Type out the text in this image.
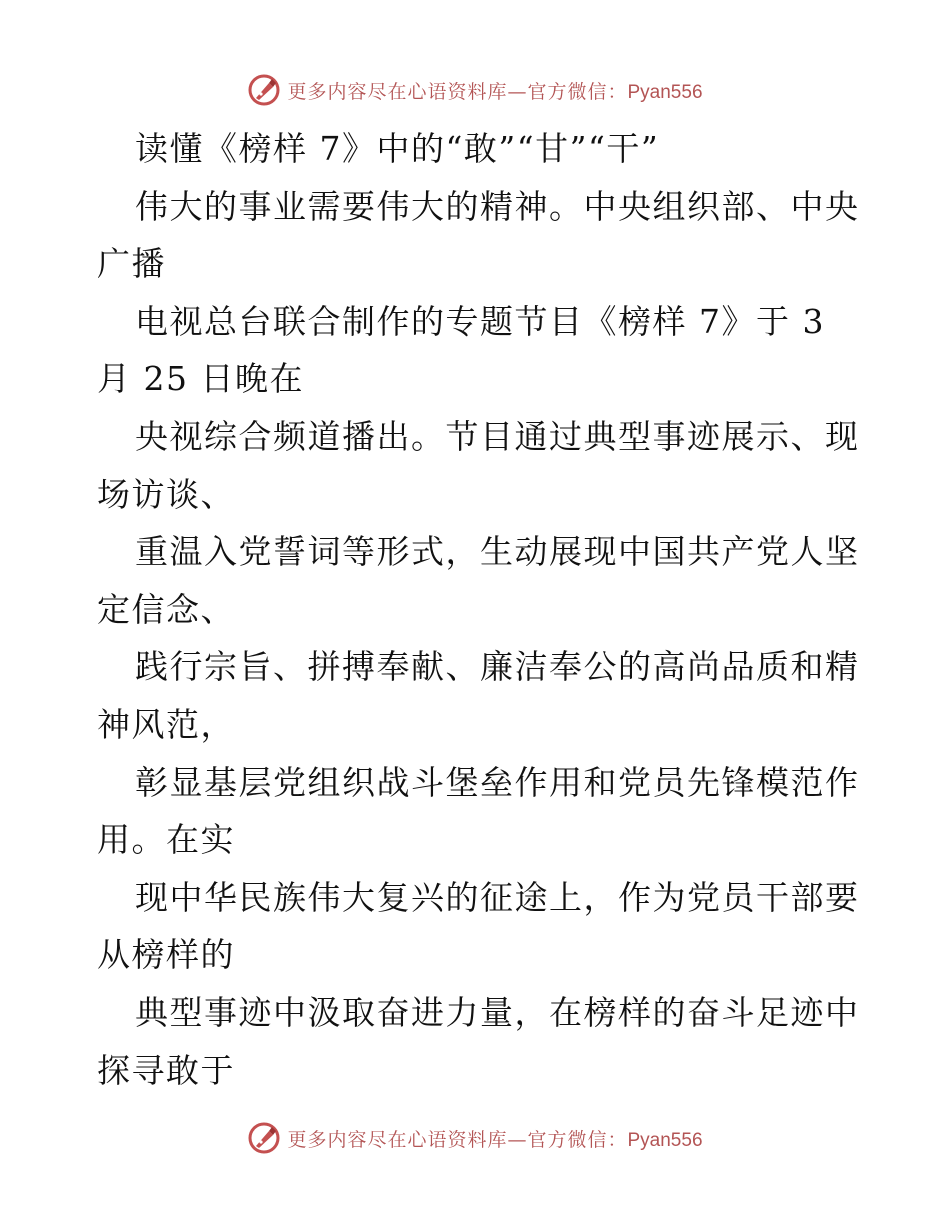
更多内容尽在心语资料库—官方微信：Pyan556
读懂《榜样 7》中的“敢”“甘”“干”
伟大的事业需要伟大的精神。中央组织部、中央
广播
电视总台联合制作的专题节目《榜样 7》于 3
月 25 日晚在
央视综合频道播出。节目通过典型事迹展示、现
场访谈、
重温入党誓词等形式，生动展现中国共产党人坚
定信念、
践行宗旨、拼搏奉献、廉洁奉公的高尚品质和精
神风范，
彰显基层党组织战斗堡垒作用和党员先锋模范作
用。在实
现中华民族伟大复兴的征途上，作为党员干部要
从榜样的
典型事迹中汲取奋进力量，在榜样的奋斗足迹中
探寻敢于
更多内容尽在心语资料库—官方微信：Pyan556
